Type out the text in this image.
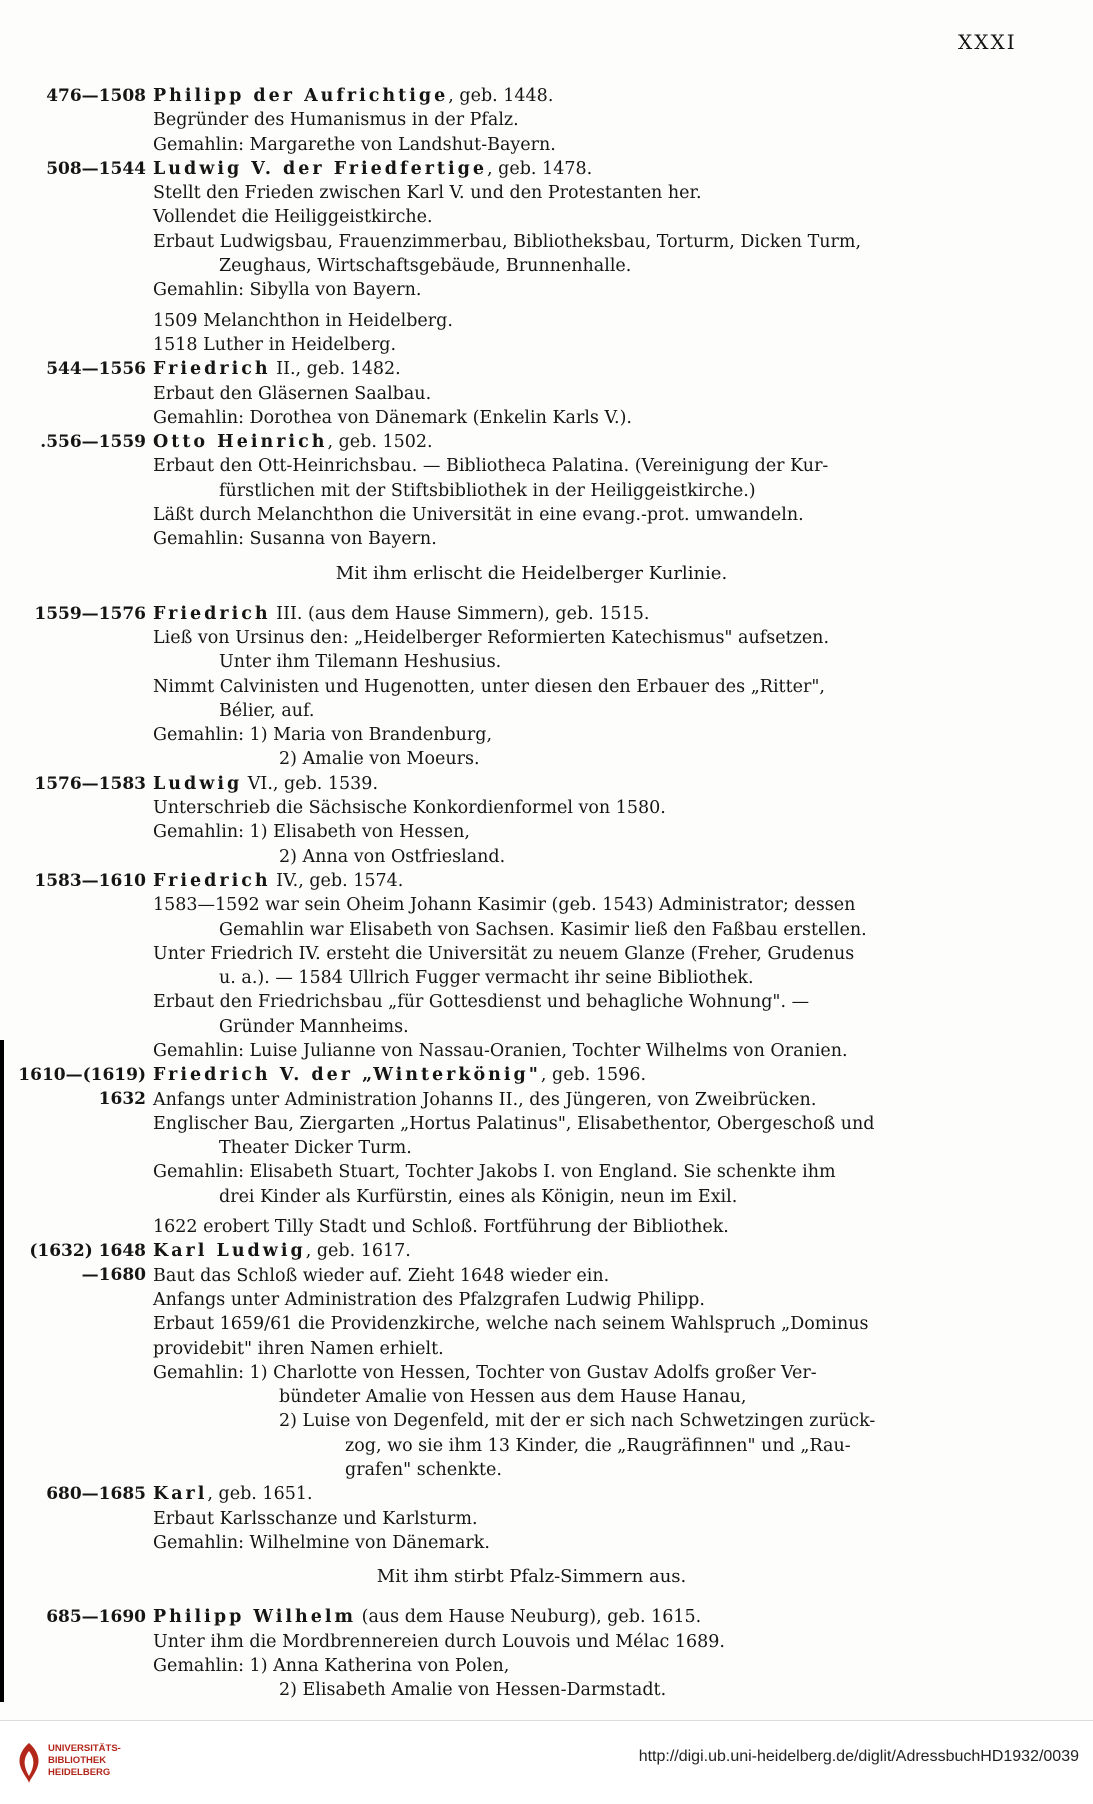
XXXI
476—1508 Philipp der Aufrichtige, geb. 1448.
Begründer des Humanismus in der Pfalz.
Gemahlin: Margarethe von Landshut-Bayern.
508—1544 Ludwig V. der Friedfertige, geb. 1478.
Stellt den Frieden zwischen Karl V. und den Protestanten her.
Vollendet die Heiliggeistkirche.
Erbaut Ludwigsbau, Frauenzimmerbau, Bibliotheksbau, Torturm, Dicken Turm,
Zeughaus, Wirtschaftsgebäude, Brunnenhalle.
Gemahlin: Sibylla von Bayern.
1509 Melanchthon in Heidelberg.
1518 Luther in Heidelberg.
544—1556 Friedrich II., geb. 1482.
Erbaut den Gläsernen Saalbau.
Gemahlin: Dorothea von Dänemark (Enkelin Karls V.).
.556—1559 Otto Heinrich, geb. 1502.
Erbaut den Ott-Heinrichsbau. — Bibliotheca Palatina. (Vereinigung der Kur-
fürstlichen mit der Stiftsbibliothek in der Heiliggeistkirche.)
Läßt durch Melanchthon die Universität in eine evang.-prot. umwandeln.
Gemahlin: Susanna von Bayern.
Mit ihm erlischt die Heidelberger Kurlinie.
1559—1576 Friedrich III. (aus dem Hause Simmern), geb. 1515.
Ließ von Ursinus den: „Heidelberger Reformierten Katechismus" aufsetzen.
Unter ihm Tilemann Heshusius.
Nimmt Calvinisten und Hugenotten, unter diesen den Erbauer des „Ritter",
Bélier, auf.
Gemahlin: 1) Maria von Brandenburg,
2) Amalie von Moeurs.
1576—1583 Ludwig VI., geb. 1539.
Unterschrieb die Sächsische Konkordienformel von 1580.
Gemahlin: 1) Elisabeth von Hessen,
2) Anna von Ostfriesland.
1583—1610 Friedrich IV., geb. 1574.
1583—1592 war sein Oheim Johann Kasimir (geb. 1543) Administrator; dessen
Gemahlin war Elisabeth von Sachsen. Kasimir ließ den Faßbau erstellen.
Unter Friedrich IV. ersteht die Universität zu neuem Glanze (Freher, Grudenus
u. a.). — 1584 Ullrich Fugger vermacht ihr seine Bibliothek.
Erbaut den Friedrichsbau „für Gottesdienst und behagliche Wohnung". —
Gründer Mannheims.
Gemahlin: Luise Julianne von Nassau-Oranien, Tochter Wilhelms von Oranien.
1610—(1619)
1632
Friedrich V. der „Winterkönig", geb. 1596.
Anfangs unter Administration Johanns II., des Jüngeren, von Zweibrücken.
Englischer Bau, Ziergarten „Hortus Palatinus", Elisabethentor, Obergeschoß und
Theater Dicker Turm.
Gemahlin: Elisabeth Stuart, Tochter Jakobs I. von England. Sie schenkte ihm
drei Kinder als Kurfürstin, eines als Königin, neun im Exil.
1622 erobert Tilly Stadt und Schloß. Fortführung der Bibliothek.
(1632) 1648
—1680
Karl Ludwig, geb. 1617.
Baut das Schloß wieder auf. Zieht 1648 wieder ein.
Anfangs unter Administration des Pfalzgrafen Ludwig Philipp.
Erbaut 1659/61 die Providenzkirche, welche nach seinem Wahlspruch „Dominus
providebit" ihren Namen erhielt.
Gemahlin: 1) Charlotte von Hessen, Tochter von Gustav Adolfs großer Ver-
bündeter Amalie von Hessen aus dem Hause Hanau,
2) Luise von Degenfeld, mit der er sich nach Schwetzingen zurück-
zog, wo sie ihm 13 Kinder, die „Raugräfinnen" und „Rau-
grafen" schenkte.
680—1685 Karl, geb. 1651.
Erbaut Karlsschanze und Karlsturm.
Gemahlin: Wilhelmine von Dänemark.
Mit ihm stirbt Pfalz-Simmern aus.
685—1690 Philipp Wilhelm (aus dem Hause Neuburg), geb. 1615.
Unter ihm die Mordbrennereien durch Louvois und Mélac 1689.
Gemahlin: 1) Anna Katherina von Polen,
2) Elisabeth Amalie von Hessen-Darmstadt.
UNIVERSITÄTS-
BIBLIOTHEK
HEIDELBERG
http://digi.ub.uni-heidelberg.de/diglit/AdressbuchHD1932/0039
